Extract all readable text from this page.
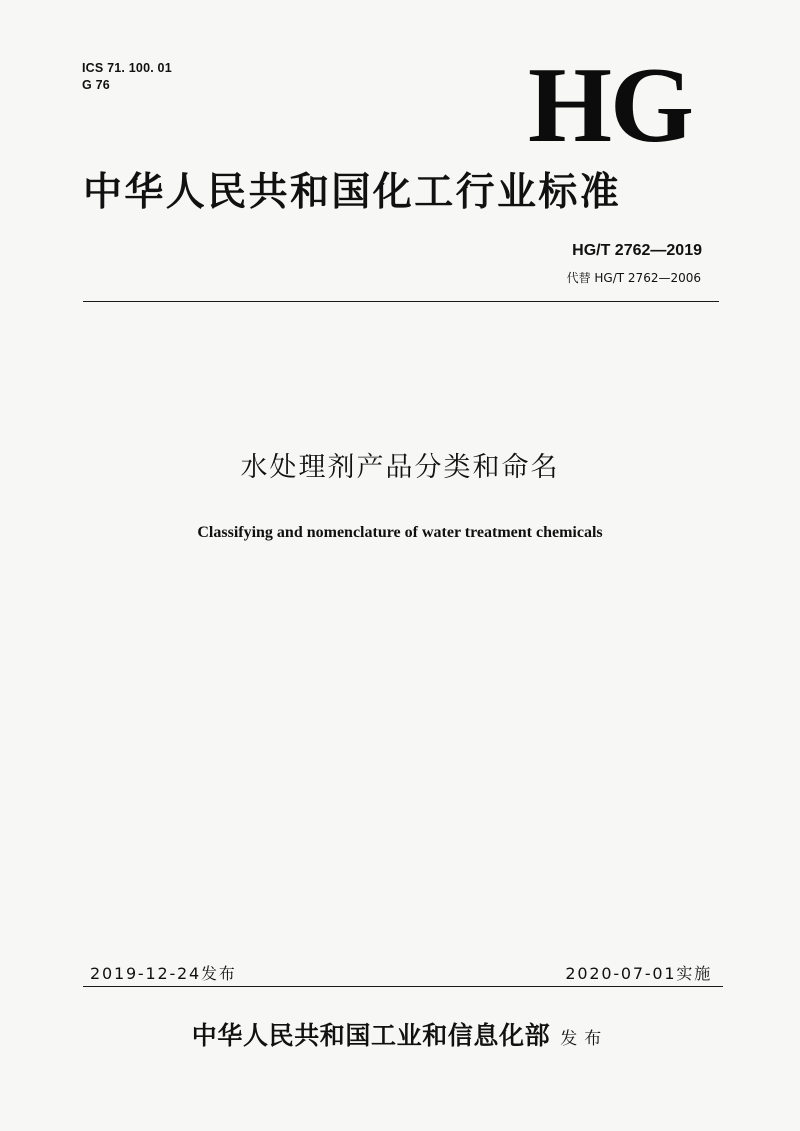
ICS 71. 100. 01
G 76	HG
中华人民共和国化工行业标准
HG/T 2762—2019
代替 HG/T 2762—2006
水处理剂产品分类和命名
Classifying and nomenclature of water treatment chemicals
2019-12-24发布	2020-07-01实施
中华人民共和国工业和信息化部 发布
